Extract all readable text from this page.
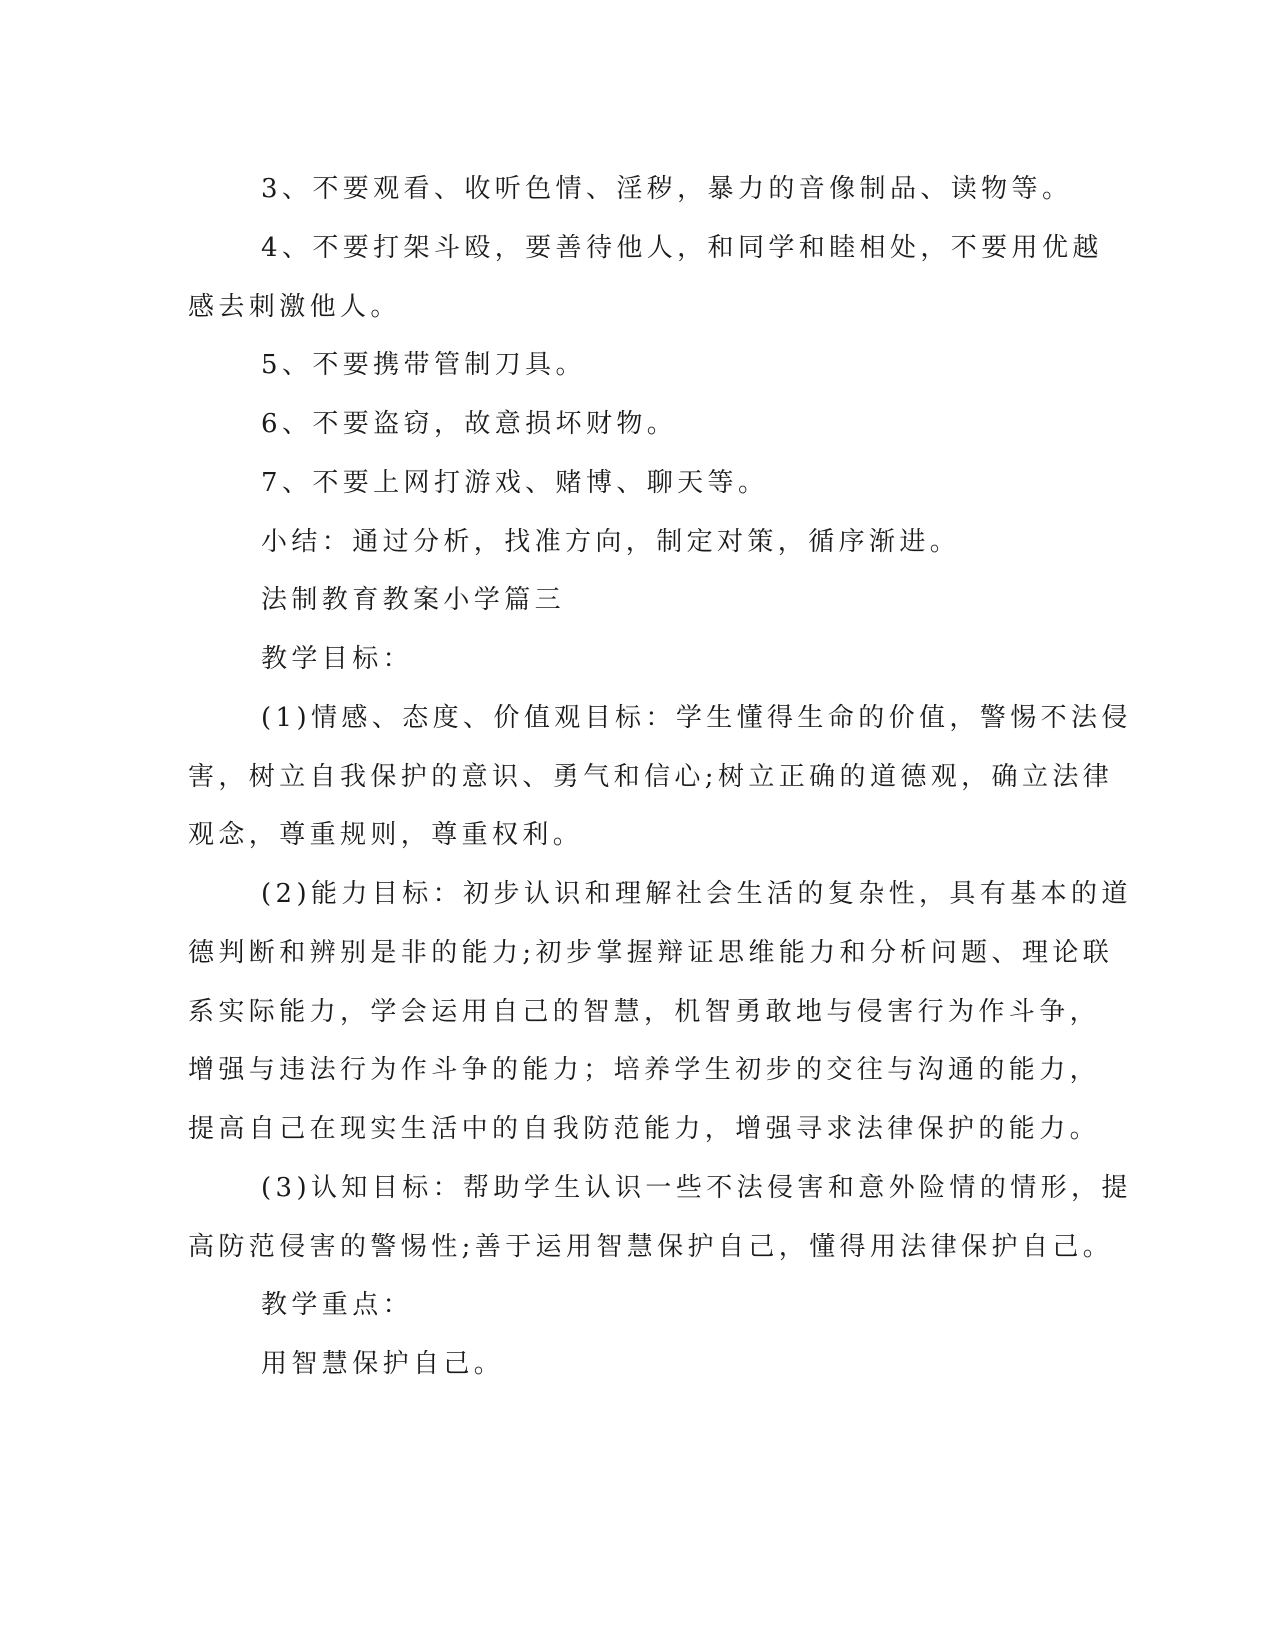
3、不要观看、收听色情、淫秽，暴力的音像制品、读物等。
4、不要打架斗殴，要善待他人，和同学和睦相处，不要用优越
感去刺激他人。
5、不要携带管制刀具。
6、不要盗窃，故意损坏财物。
7、不要上网打游戏、赌博、聊天等。
小结：通过分析，找准方向，制定对策，循序渐进。
法制教育教案小学篇三
教学目标：
(1)情感、态度、价值观目标：学生懂得生命的价值，警惕不法侵
害，树立自我保护的意识、勇气和信心;树立正确的道德观，确立法律
观念，尊重规则，尊重权利。
(2)能力目标：初步认识和理解社会生活的复杂性，具有基本的道
德判断和辨别是非的能力;初步掌握辩证思维能力和分析问题、理论联
系实际能力，学会运用自己的智慧，机智勇敢地与侵害行为作斗争，
增强与违法行为作斗争的能力；培养学生初步的交往与沟通的能力，
提高自己在现实生活中的自我防范能力，增强寻求法律保护的能力。
(3)认知目标：帮助学生认识一些不法侵害和意外险情的情形，提
高防范侵害的警惕性;善于运用智慧保护自己，懂得用法律保护自己。
教学重点：
用智慧保护自己。
